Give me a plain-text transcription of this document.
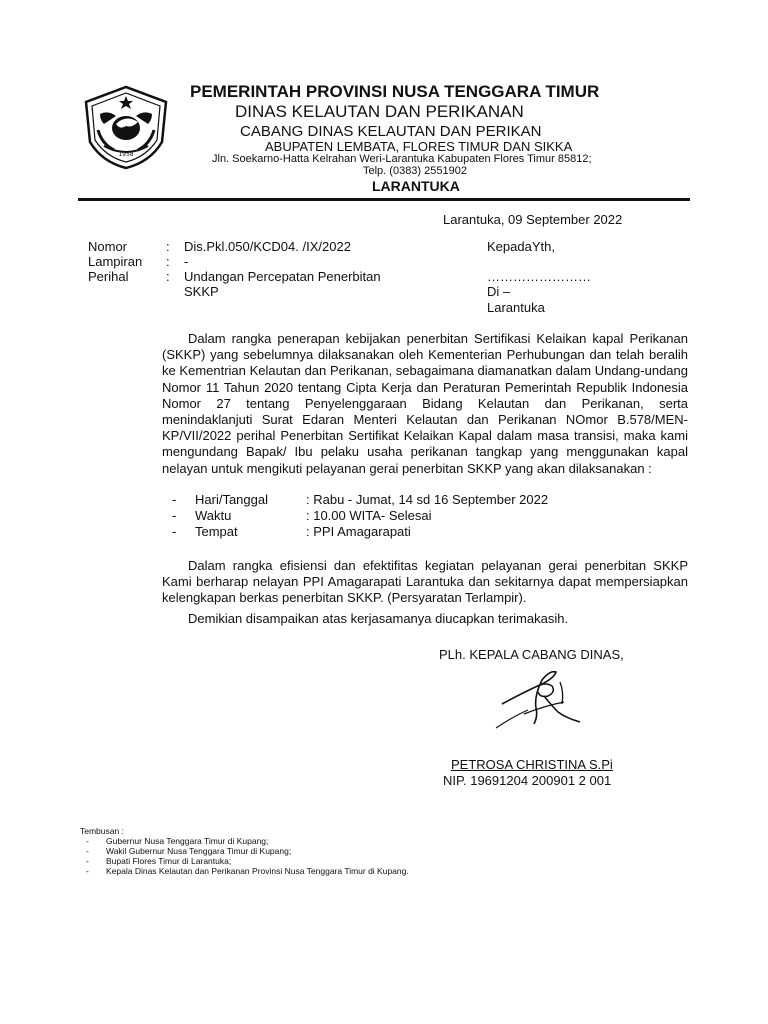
1958
PEMERINTAH PROVINSI NUSA TENGGARA TIMUR
DINAS KELAUTAN DAN PERIKANAN
CABANG DINAS KELAUTAN DAN PERIKAN
ABUPATEN LEMBATA, FLORES TIMUR DAN SIKKA
Jln. Soekarno-Hatta Kelrahan Weri-Larantuka Kabupaten Flores Timur 85812;
Telp. (0383) 2551902
LARANTUKA
Larantuka, 09 September 2022
Nomor	: Dis.Pkl.050/KCD04. /IX/2022
Lampiran : -
Perihal	: Undangan Percepatan Penerbitan
SKKP
KepadaYth,
……………………
Di –
Larantuka
Dalam rangka penerapan kebijakan penerbitan Sertifikasi Kelaikan kapal Perikanan (SKKP) yang sebelumnya dilaksanakan oleh Kementerian Perhubungan dan telah beralih ke Kementrian Kelautan dan Perikanan, sebagaimana diamanatkan dalam Undang-undang Nomor 11 Tahun 2020 tentang Cipta Kerja dan Peraturan Pemerintah Republik Indonesia Nomor 27 tentang Penyelenggaraan Bidang Kelautan dan Perikanan, serta menindaklanjuti Surat Edaran Menteri Kelautan dan Perikanan NOmor B.578/MEN-KP/VII/2022 perihal Penerbitan Sertifikat Kelaikan Kapal dalam masa transisi, maka kami mengundang Bapak/ Ibu pelaku usaha perikanan tangkap yang menggunakan kapal nelayan untuk mengikuti pelayanan gerai penerbitan SKKP yang akan dilaksanakan :
- Hari/Tanggal	: Rabu - Jumat, 14 sd 16 September 2022
- Waktu	: 10.00 WITA- Selesai
- Tempat	: PPI Amagarapati
Dalam rangka efisiensi dan efektifitas kegiatan pelayanan gerai penerbitan SKKP Kami berharap nelayan PPI Amagarapati Larantuka dan sekitarnya dapat mempersiapkan kelengkapan berkas penerbitan SKKP. (Persyaratan Terlampir).
Demikian disampaikan atas kerjasamanya diucapkan terimakasih.
PLh. KEPALA CABANG DINAS,
PETROSA CHRISTINA S.Pi
NIP. 19691204 200901 2 001
Tembusan :
- Gubernur Nusa Tenggara Timur di Kupang;
- Wakil Gubernur Nusa Tenggara Timur di Kupang;
- Bupati Flores Timur di Larantuka;
- Kepala Dinas Kelautan dan Perikanan Provinsi Nusa Tenggara Timur di Kupang.
